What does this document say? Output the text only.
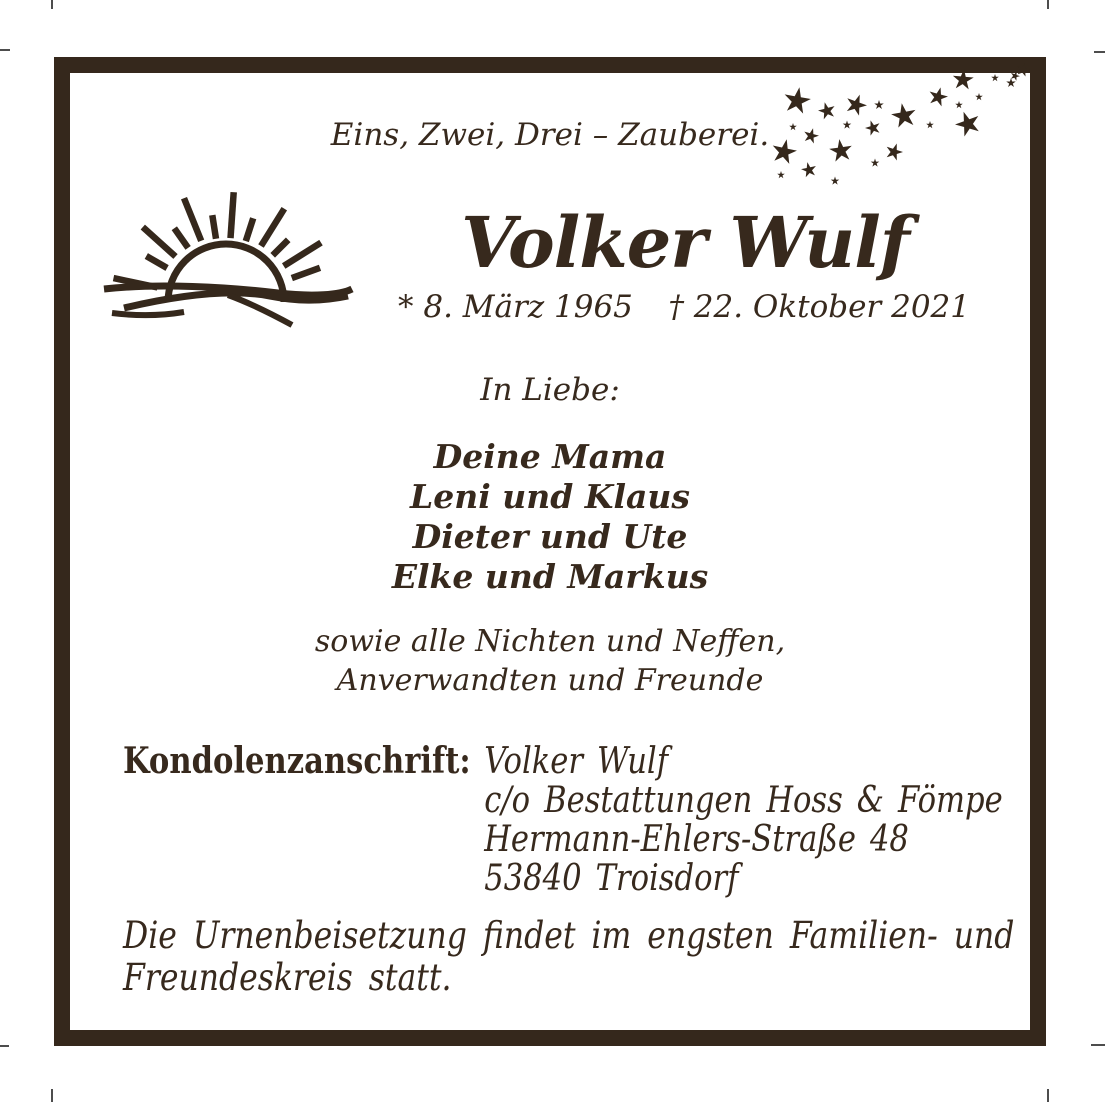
Eins, Zwei, Drei – Zauberei.
Volker Wulf
* 8. März 1965 † 22. Oktober 2021
In Liebe:
Deine Mama
Leni und Klaus
Dieter und Ute
Elke und Markus
sowie alle Nichten und Neffen,
Anverwandten und Freunde
Kondolenzanschrift: Volker Wulf
c/o Bestattungen Hoss & Fömpe
Hermann-Ehlers-Straße 48
53840 Troisdorf
Die Urnenbeisetzung findet im engsten Familien- und
Freundeskreis statt.
